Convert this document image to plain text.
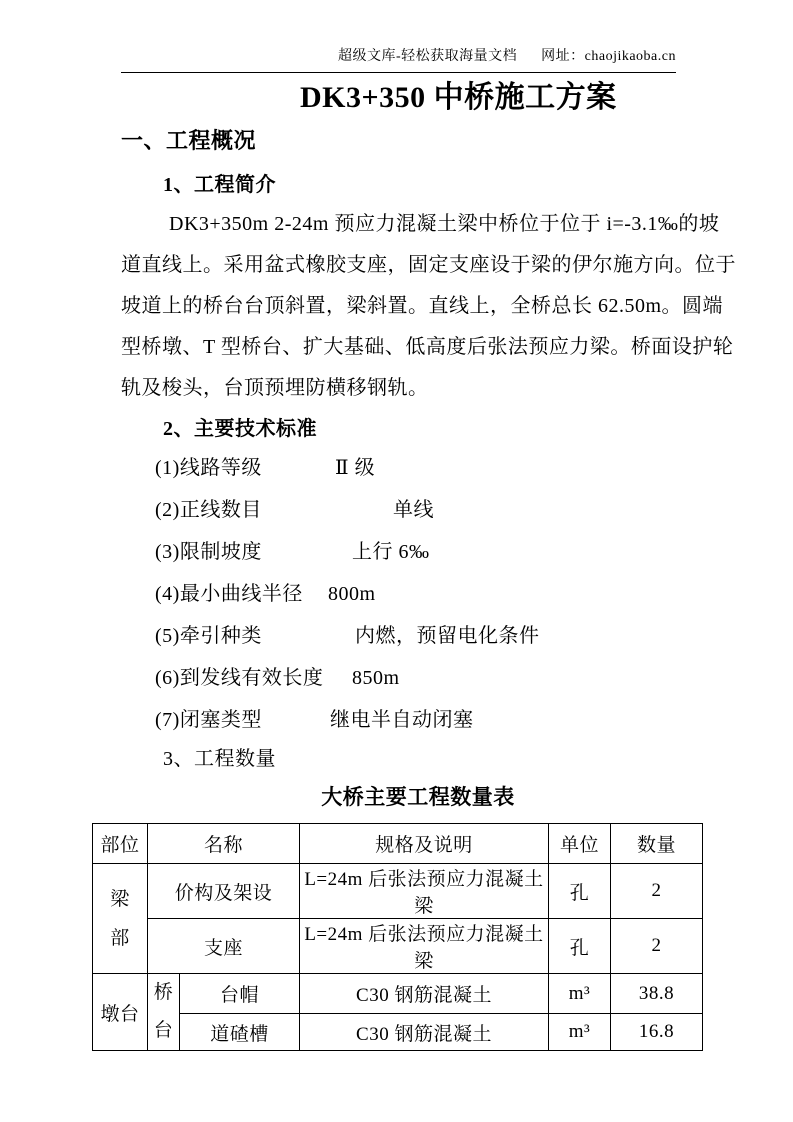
超级文库-轻松获取海量文档 网址：chaojikaoba.cn
DK3+350 中桥施工方案
一、工程概况
1、工程简介
DK3+350m 2-24m 预应力混凝土梁中桥位于位于 i=-3.1‰的坡
道直线上。采用盆式橡胶支座，固定支座设于梁的伊尔施方向。位于
坡道上的桥台台顶斜置，梁斜置。直线上，全桥总长 62.50m。圆端
型桥墩、T 型桥台、扩大基础、低高度后张法预应力梁。桥面设护轮
轨及梭头，台顶预埋防横移钢轨。
2、主要技术标准
(1)线路等级	Ⅱ 级
(2)正线数目	单线
(3)限制坡度	上行 6‰
(4)最小曲线半径 800m
(5)牵引种类	内燃，预留电化条件
(6)到发线有效长度 850m
(7)闭塞类型	继电半自动闭塞
3、工程数量
大桥主要工程数量表
部位	名称		规格及说明	单位	数量

梁部	价构及架设		L=24m 后张法预应力混凝土梁	孔	2
	支座		L=24m 后张法预应力混凝土梁	孔	2
墩台	桥台	台帽	C30 钢筋混凝土	m³	38.8
		道碴槽	C30 钢筋混凝土	m³	16.8
